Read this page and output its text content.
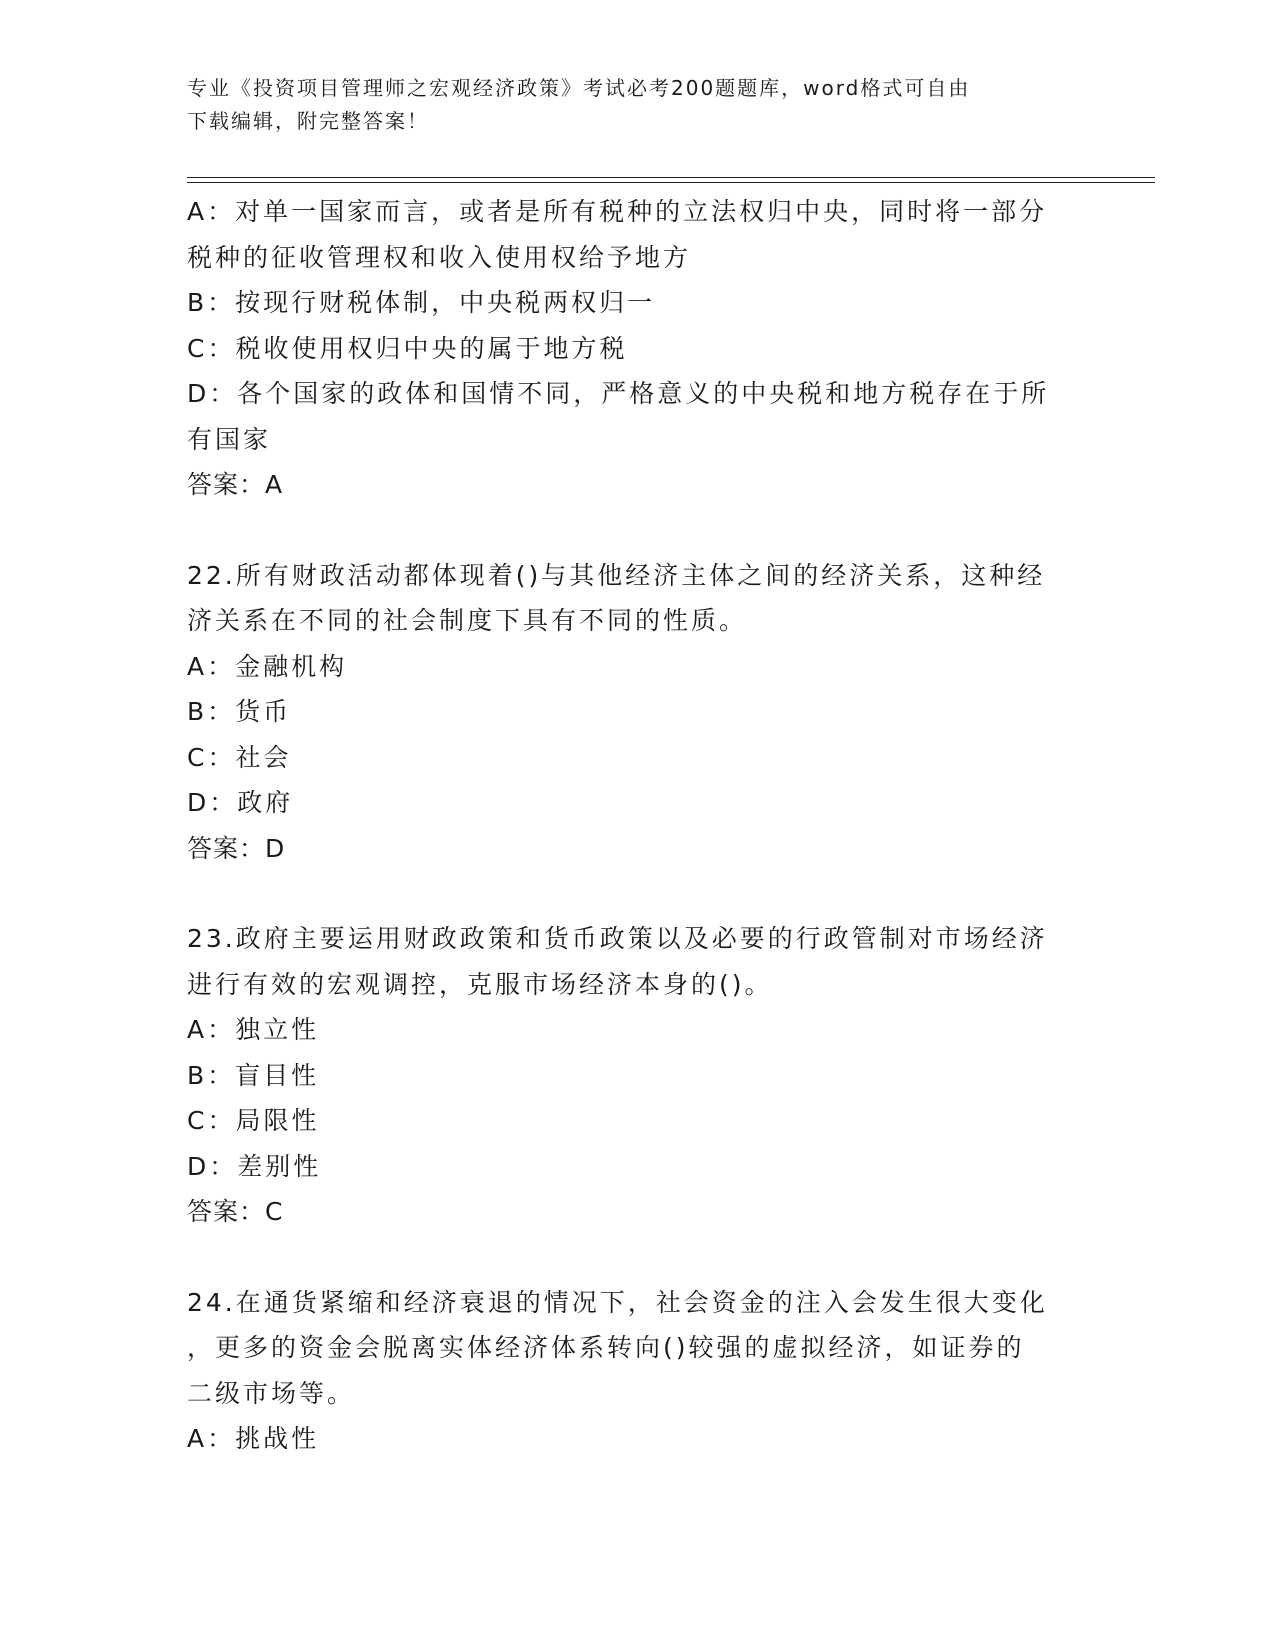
专业《投资项目管理师之宏观经济政策》考试必考200题题库，word格式可自由
下载编辑，附完整答案！
A：对单一国家而言，或者是所有税种的立法权归中央，同时将一部分
税种的征收管理权和收入使用权给予地方
B：按现行财税体制，中央税两权归一
C：税收使用权归中央的属于地方税
D：各个国家的政体和国情不同，严格意义的中央税和地方税存在于所
有国家
答案：A
22.所有财政活动都体现着()与其他经济主体之间的经济关系，这种经
济关系在不同的社会制度下具有不同的性质。
A：金融机构
B：货币
C：社会
D：政府
答案：D
23.政府主要运用财政政策和货币政策以及必要的行政管制对市场经济
进行有效的宏观调控，克服市场经济本身的()。
A：独立性
B：盲目性
C：局限性
D：差别性
答案：C
24.在通货紧缩和经济衰退的情况下，社会资金的注入会发生很大变化
，更多的资金会脱离实体经济体系转向()较强的虚拟经济，如证券的
二级市场等。
A：挑战性
